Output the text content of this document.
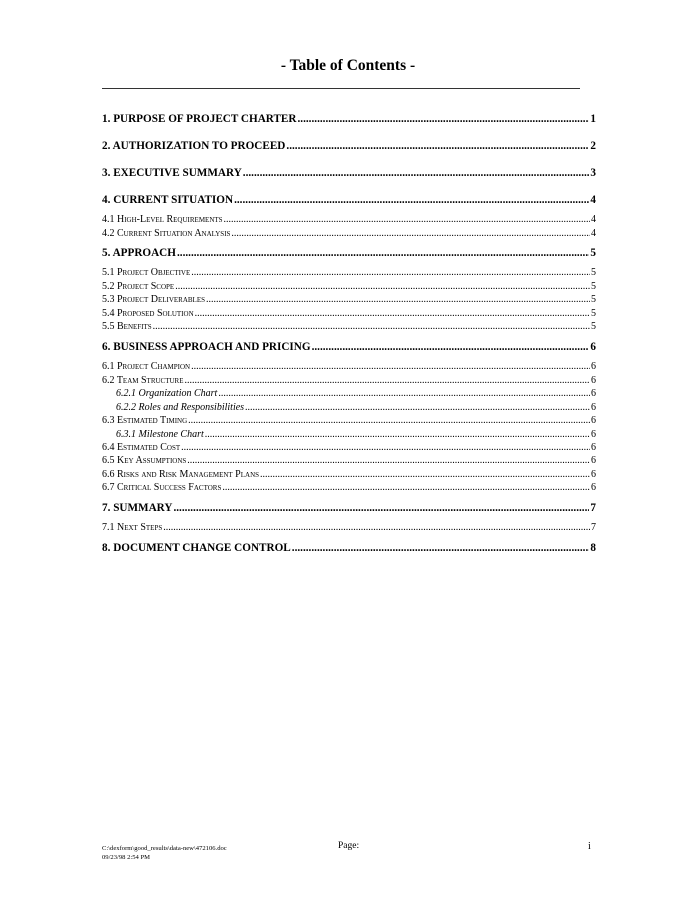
- Table of Contents -
1. PURPOSE OF PROJECT CHARTER .....	1
2. AUTHORIZATION TO PROCEED .....	2
3. EXECUTIVE SUMMARY .....	3
4. CURRENT SITUATION .....	4
4.1 High-Level Requirements .....	4
4.2 Current Situation Analysis .....	4
5. APPROACH .....	5
5.1 Project Objective .....	5
5.2 Project Scope .....	5
5.3 Project Deliverables .....	5
5.4 Proposed Solution .....	5
5.5 Benefits .....	5
6. BUSINESS APPROACH AND PRICING .....	6
6.1 Project Champion .....	6
6.2 Team Structure .....	6
6.2.1 Organization Chart .....	6
6.2.2 Roles and Responsibilities .....	6
6.3 Estimated Timing .....	6
6.3.1 Milestone Chart .....	6
6.4 Estimated Cost .....	6
6.5 Key Assumptions .....	6
6.6 Risks and Risk Management Plans .....	6
6.7 Critical Success Factors .....	6
7. SUMMARY .....	7
7.1 Next Steps .....	7
8. DOCUMENT CHANGE CONTROL .....	8
C:\dexform\good_results\data-new\472106.doc
09/23/98 2:54 PM
Page:	i
